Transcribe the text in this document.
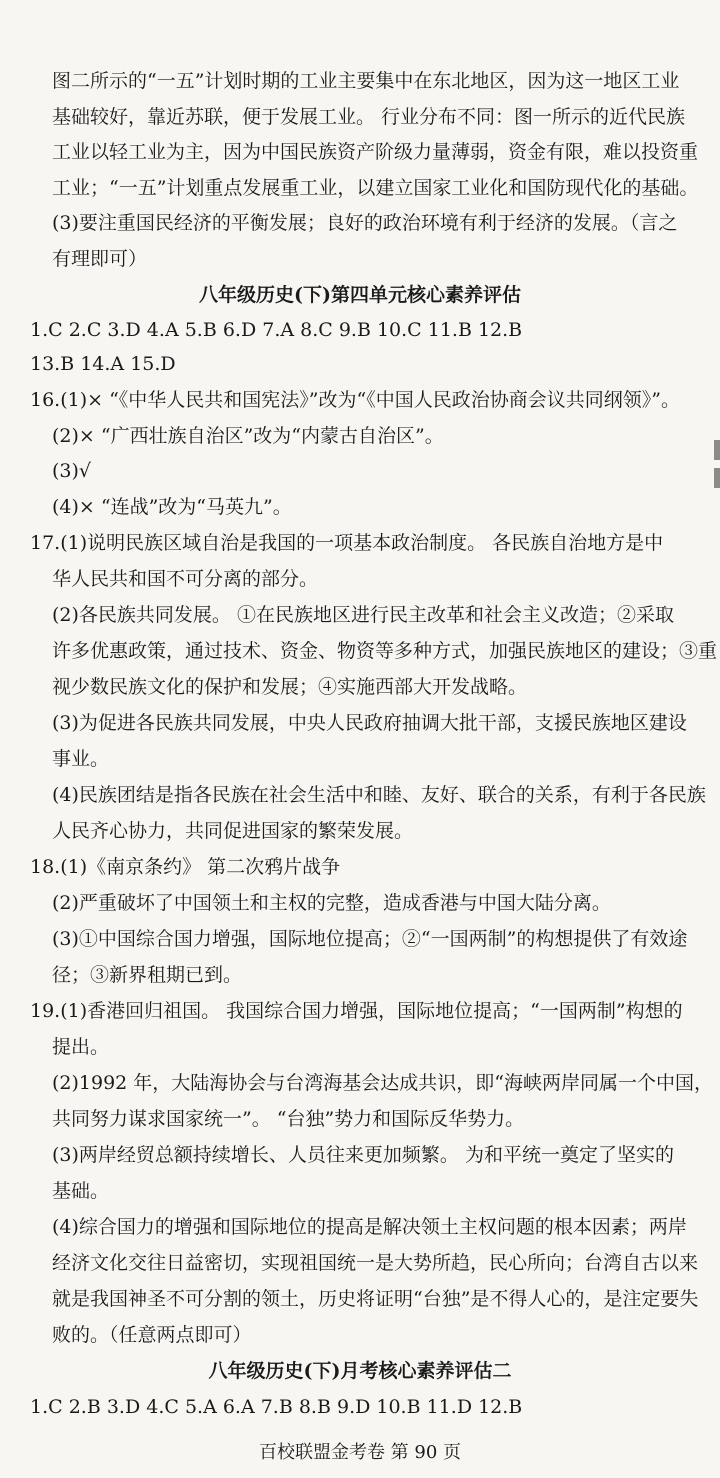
图二所示的“一五”计划时期的工业主要集中在东北地区，因为这一地区工业
基础较好，靠近苏联，便于发展工业。 行业分布不同：图一所示的近代民族
工业以轻工业为主，因为中国民族资产阶级力量薄弱，资金有限，难以投资重
工业；“一五”计划重点发展重工业，以建立国家工业化和国防现代化的基础。
(3)要注重国民经济的平衡发展；良好的政治环境有利于经济的发展。（言之
有理即可）
八年级历史(下)第四单元核心素养评估
1.C 2.C 3.D 4.A 5.B 6.D 7.A 8.C 9.B 10.C 11.B 12.B
13.B 14.A 15.D
16.(1)× “《中华人民共和国宪法》”改为“《中国人民政治协商会议共同纲领》”。
(2)× “广西壮族自治区”改为“内蒙古自治区”。
(3)√
(4)× “连战”改为“马英九”。
17.(1)说明民族区域自治是我国的一项基本政治制度。 各民族自治地方是中
华人民共和国不可分离的部分。
(2)各民族共同发展。 ①在民族地区进行民主改革和社会主义改造；②采取
许多优惠政策，通过技术、资金、物资等多种方式，加强民族地区的建设；③重
视少数民族文化的保护和发展；④实施西部大开发战略。
(3)为促进各民族共同发展，中央人民政府抽调大批干部，支援民族地区建设
事业。
(4)民族团结是指各民族在社会生活中和睦、友好、联合的关系，有利于各民族
人民齐心协力，共同促进国家的繁荣发展。
18.(1)《南京条约》 第二次鸦片战争
(2)严重破坏了中国领土和主权的完整，造成香港与中国大陆分离。
(3)①中国综合国力增强，国际地位提高；②“一国两制”的构想提供了有效途
径；③新界租期已到。
19.(1)香港回归祖国。 我国综合国力增强，国际地位提高；“一国两制”构想的
提出。
(2)1992 年，大陆海协会与台湾海基会达成共识，即“海峡两岸同属一个中国，
共同努力谋求国家统一”。 “台独”势力和国际反华势力。
(3)两岸经贸总额持续增长、人员往来更加频繁。 为和平统一奠定了坚实的
基础。
(4)综合国力的增强和国际地位的提高是解决领土主权问题的根本因素；两岸
经济文化交往日益密切，实现祖国统一是大势所趋，民心所向；台湾自古以来
就是我国神圣不可分割的领土，历史将证明“台独”是不得人心的，是注定要失
败的。（任意两点即可）
八年级历史(下)月考核心素养评估二
1.C 2.B 3.D 4.C 5.A 6.A 7.B 8.B 9.D 10.B 11.D 12.B
百校联盟金考卷 第 90 页
